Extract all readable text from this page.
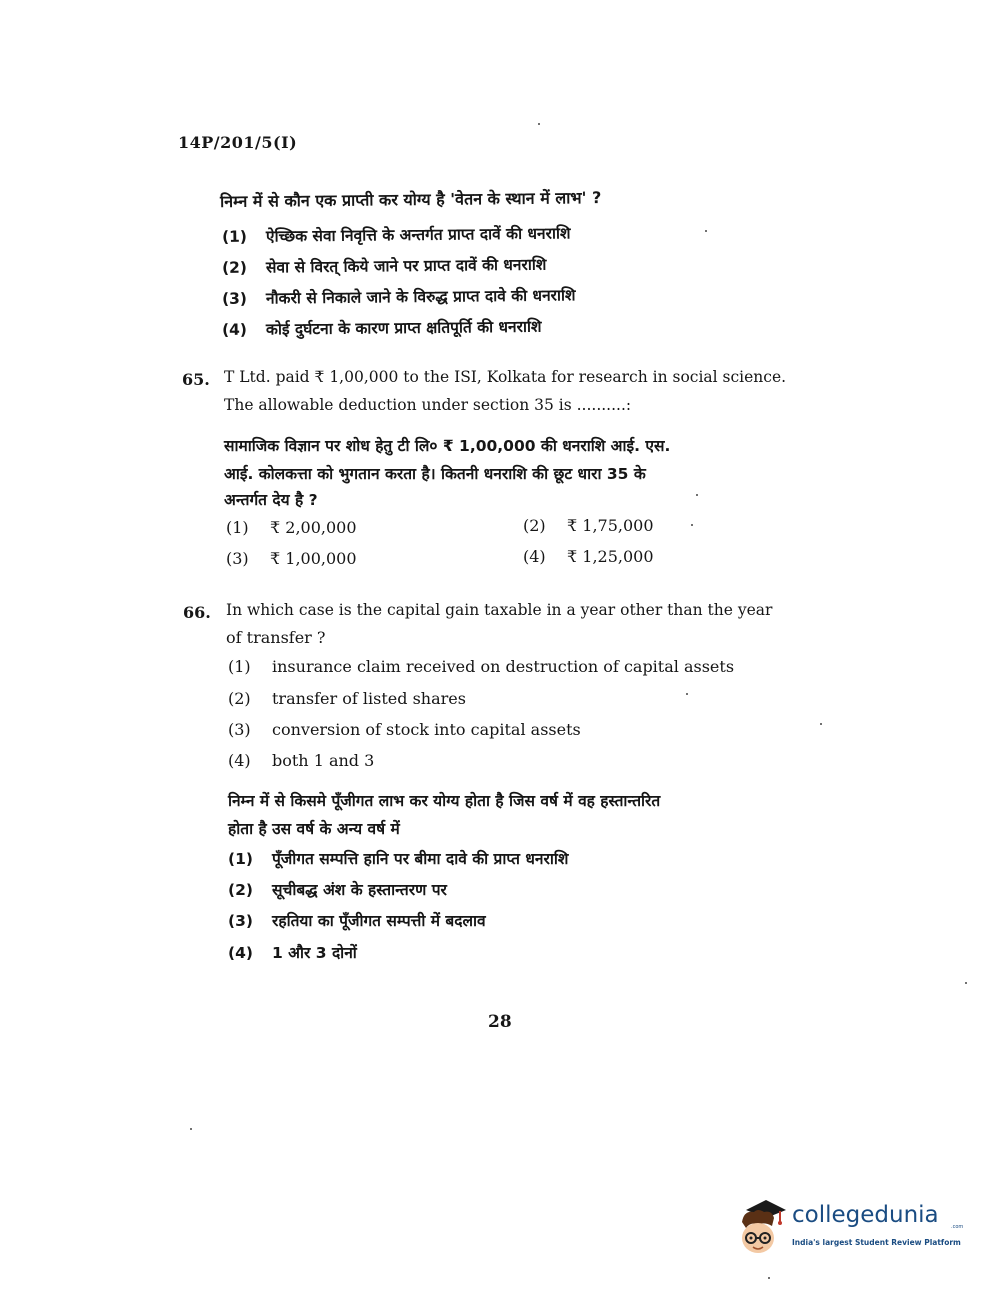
14P/201/5(I)
निम्न में से कौन एक प्राप्ती कर योग्य है 'वेतन के स्थान में लाभ' ?
(1) ऐच्छिक सेवा निवृत्ति के अन्तर्गत प्राप्त दावें की धनराशि
(2) सेवा से विरत् किये जाने पर प्राप्त दावें की धनराशि
(3) नौकरी से निकाले जाने के विरुद्ध प्राप्त दावे की धनराशि
(4) कोई दुर्घटना के कारण प्राप्त क्षतिपूर्ति की धनराशि
65. T Ltd. paid ₹ 1,00,000 to the ISI, Kolkata for research in social science.
The allowable deduction under section 35 is ..........:
सामाजिक विज्ञान पर शोध हेतु टी लि० ₹ 1,00,000 की धनराशि आई. एस.
आई. कोलकत्ता को भुगतान करता है। कितनी धनराशि की छूट धारा 35 के
अन्तर्गत देय है ?
(1) ₹ 2,00,000	(2) ₹ 1,75,000
(3) ₹ 1,00,000	(4) ₹ 1,25,000
66. In which case is the capital gain taxable in a year other than the year
of transfer ?
(1) insurance claim received on destruction of capital assets
(2) transfer of listed shares
(3) conversion of stock into capital assets
(4) both 1 and 3
निम्न में से किसमे पूँजीगत लाभ कर योग्य होता है जिस वर्ष में वह हस्तान्तरित
होता है उस वर्ष के अन्य वर्ष में
(1) पूँजीगत सम्पत्ति हानि पर बीमा दावे की प्राप्त धनराशि
(2) सूचीबद्ध अंश के हस्तान्तरण पर
(3) रहतिया का पूँजीगत सम्पत्ती में बदलाव
(4) 1 और 3 दोनों
28
collegedunia .com
India's largest Student Review Platform
